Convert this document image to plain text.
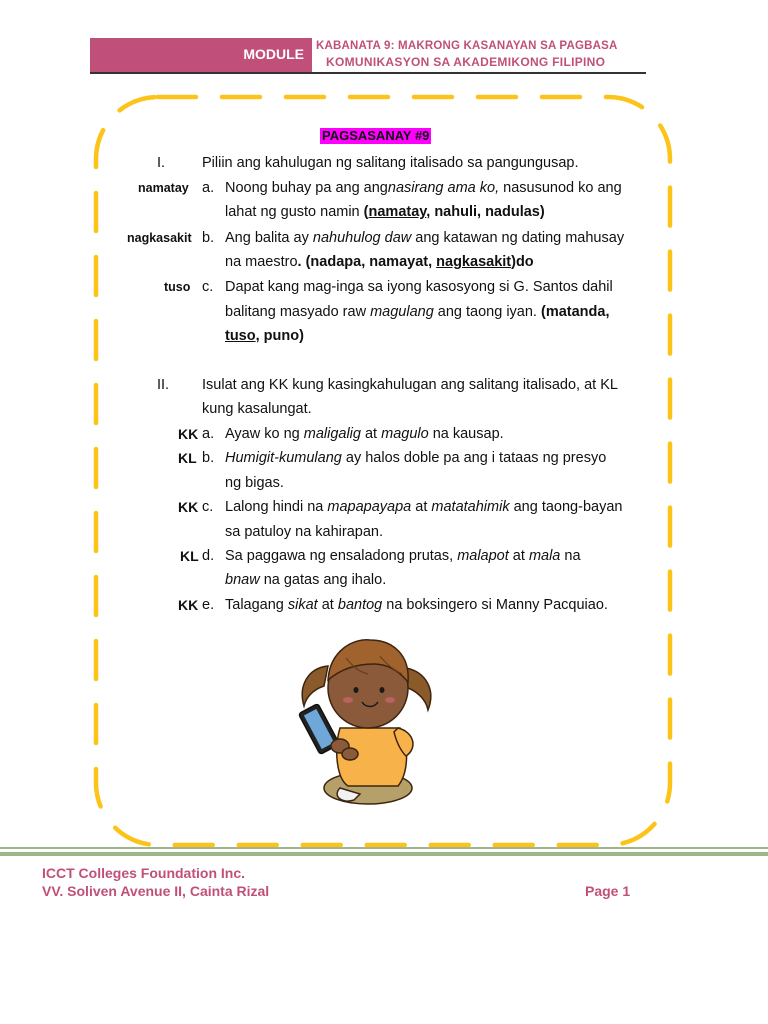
MODULE KABANATA 9: MAKRONG KASANAYAN SA PAGBASA
KOMUNIKASYON SA AKADEMIKONG FILIPINO
PAGSASANAY #9
I.	Piliin ang kahulugan ng salitang italisado sa pangungusap.
namatay a. Noong buhay pa ang angnasirang ama ko, nasusunod ko ang
lahat ng gusto namin (namatay, nahuli, nadulas)
nagkasakit b. Ang balita ay nahuhulog daw ang katawan ng dating mahusay
na maestro. (nadapa, namayat, nagkasakit)do
tuso c. Dapat kang mag-inga sa iyong kasosyong si G. Santos dahil
balitang masyado raw magulang ang taong iyan. (matanda,
tuso, puno)
II. Isulat ang KK kung kasingkahulugan ang salitang italisado, at KL
kung kasalungat.
KK a. Ayaw ko ng maligalig at magulo na kausap.
KL b. Humigit-kumulang ay halos doble pa ang i tataas ng presyo
ng bigas.
KK c. Lalong hindi na mapapayapa at matatahimik ang taong-bayan
sa patuloy na kahirapan.
KL d. Sa paggawa ng ensaladong prutas, malapot at mala na
bnaw na gatas ang ihalo.
KK e. Talagang sikat at bantog na boksingero si Manny Pacquiao.
ICCT Colleges Foundation Inc.
VV. Soliven Avenue II, Cainta Rizal	Page 1
